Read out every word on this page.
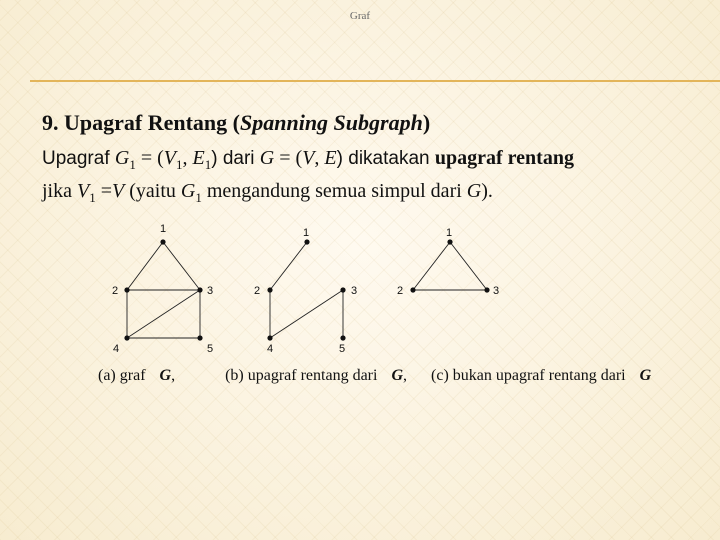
Graf
9. Upagraf Rentang (Spanning Subgraph)
Upagraf $G_1 = (V_1$, $E_1$) dari G = (V, E) dikatakan upagraf rentang
jika $V_1 =V$ (yaitu $G_1$ mengandung semua simpul dari G).
1
2	3
4	5
1
2	3
4	5
1
2	3
(a) graf G,	(b) upagraf rentang dari G, (c) bukan upagraf rentang dari G
